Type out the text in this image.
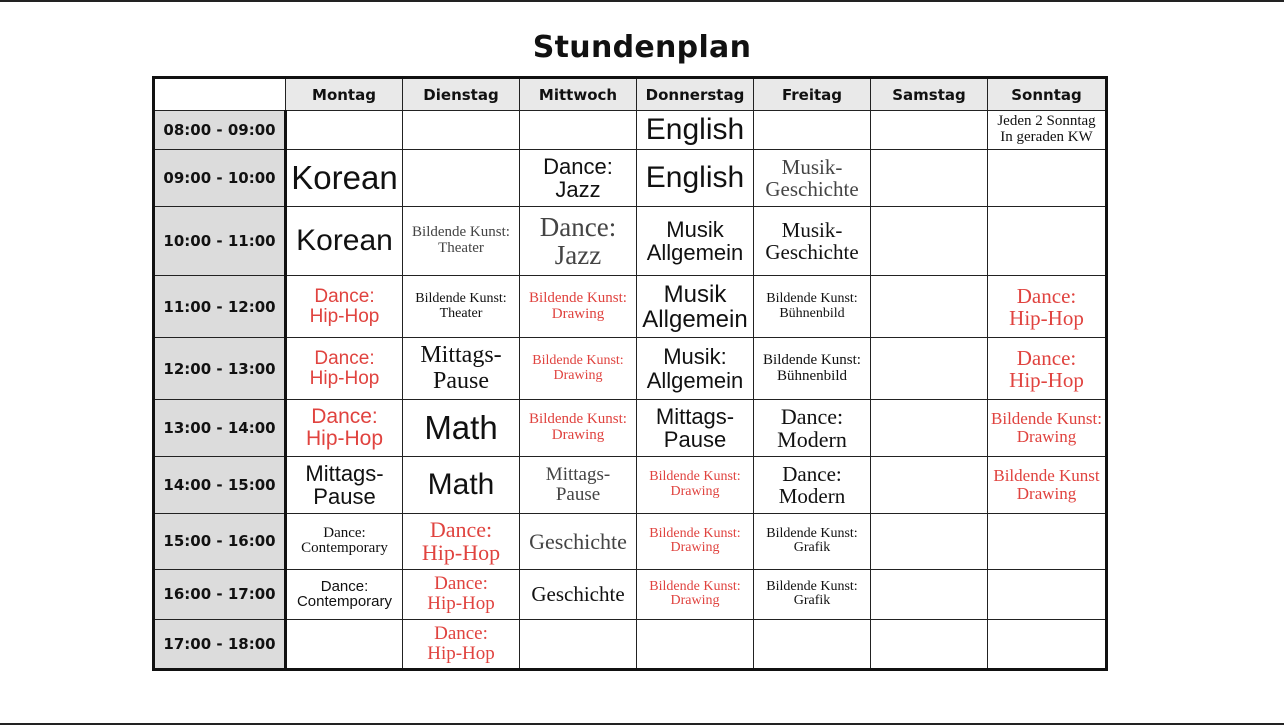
Stundenplan
	Montag	Dienstag	Mittwoch	Donnerstag	Freitag	Samstag	Sonntag
08:00 - 09:00				English			Jeden 2 Sonntag
In geraden KW

09:00 - 10:00	Korean		Dance:
Jazz	English	Musik-
Geschichte		

10:00 - 11:00	Korean	Bildende Kunst:
Theater	Dance:
Jazz	Musik
Allgemein	Musik-
Geschichte		

11:00 - 12:00	Dance:
Hip-Hop	Bildende Kunst:
Theater	Bildende Kunst:
Drawing	Musik
Allgemein	Bildende Kunst:
Bühnenbild		Dance:
Hip-Hop

12:00 - 13:00	Dance:
Hip-Hop	Mittags-
Pause	Bildende Kunst:
Drawing	Musik:
Allgemein	Bildende Kunst:
Bühnenbild		Dance:
Hip-Hop

13:00 - 14:00	Dance:
Hip-Hop	Math	Bildende Kunst:
Drawing	Mittags-
Pause	Dance:
Modern		Bildende Kunst:
Drawing

14:00 - 15:00	Mittags-
Pause	Math	Mittags-
Pause	Bildende Kunst:
Drawing	Dance:
Modern		Bildende Kunst
Drawing

15:00 - 16:00	Dance:
Contemporary	Dance:
Hip-Hop	Geschichte	Bildende Kunst:
Drawing	Bildende Kunst:
Grafik		

16:00 - 17:00	Dance:
Contemporary	Dance:
Hip-Hop	Geschichte	Bildende Kunst:
Drawing	Bildende Kunst:
Grafik		

17:00 - 18:00		Dance:
Hip-Hop					
